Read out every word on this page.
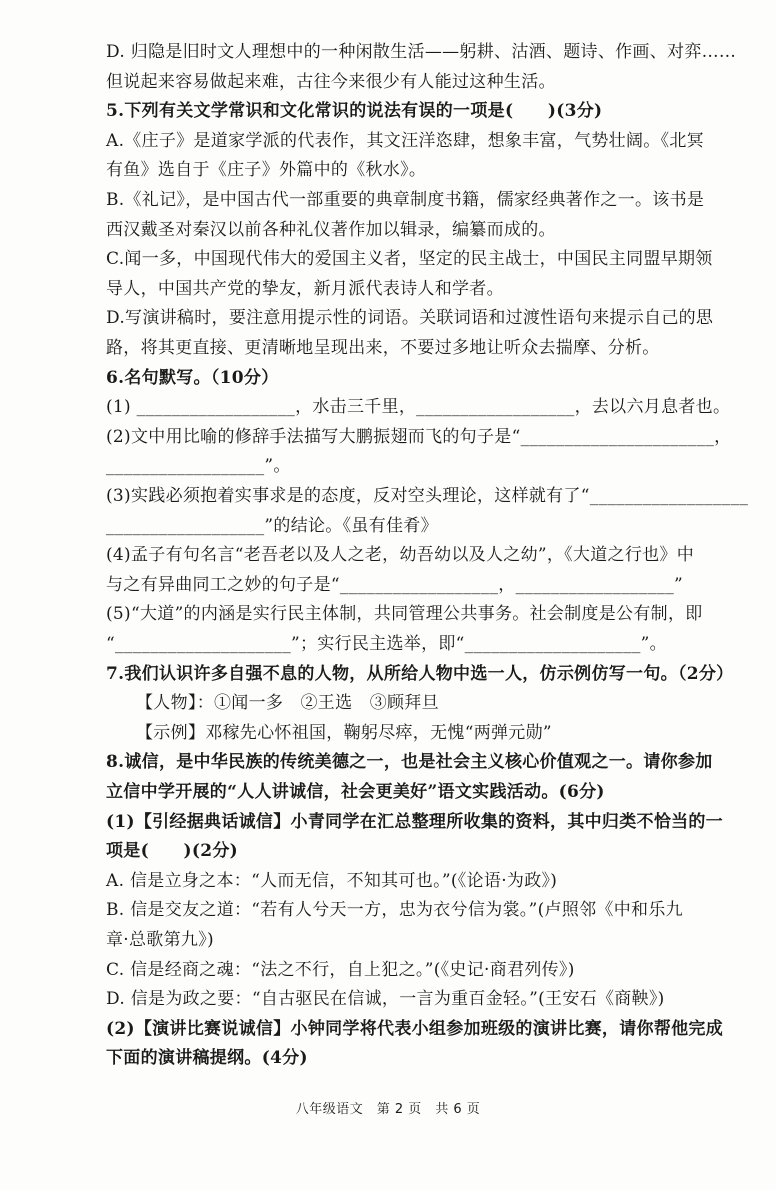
D. 归隐是旧时文人理想中的一种闲散生活——躬耕、沽酒、题诗、作画、对弈……
但说起来容易做起来难，古往今来很少有人能过这种生活。
5.下列有关文学常识和文化常识的说法有误的一项是(　　)(3分)
A.《庄子》是道家学派的代表作，其文汪洋恣肆，想象丰富，气势壮阔。《北冥
有鱼》选自于《庄子》外篇中的《秋水》。
B.《礼记》，是中国古代一部重要的典章制度书籍，儒家经典著作之一。该书是
西汉戴圣对秦汉以前各种礼仪著作加以辑录，编纂而成的。
C.闻一多，中国现代伟大的爱国主义者，坚定的民主战士，中国民主同盟早期领
导人，中国共产党的挚友，新月派代表诗人和学者。
D.写演讲稿时，要注意用提示性的词语。关联词语和过渡性语句来提示自己的思
路，将其更直接、更清晰地呈现出来，不要过多地让听众去揣摩、分析。
6.名句默写。（10分）
(1) __________________，水击三千里，__________________，去以六月息者也。
(2)文中用比喻的修辞手法描写大鹏振翅而飞的句子是“______________________，
__________________”。
(3)实践必须抱着实事求是的态度，反对空头理论，这样就有了“__________________
__________________”的结论。《虽有佳肴》
(4)孟子有句名言“老吾老以及人之老，幼吾幼以及人之幼”，《大道之行也》中
与之有异曲同工之妙的句子是“__________________，__________________”
(5)“大道”的内涵是实行民主体制，共同管理公共事务。社会制度是公有制，即
“____________________”；实行民主选举，即“____________________”。
7.我们认识许多自强不息的人物，从所给人物中选一人，仿示例仿写一句。（2分）
【人物】：①闻一多　②王选　③顾拜旦
【示例】邓稼先心怀祖国，鞠躬尽瘁，无愧“两弹元勋”
8.诚信，是中华民族的传统美德之一，也是社会主义核心价值观之一。请你参加
立信中学开展的“人人讲诚信，社会更美好”语文实践活动。(6分)
(1)【引经据典话诚信】小青同学在汇总整理所收集的资料，其中归类不恰当的一
项是(　　)(2分)
A. 信是立身之本：“人而无信，不知其可也。”(《论语·为政》)
B. 信是交友之道：“若有人兮天一方，忠为衣兮信为裳。”(卢照邻《中和乐九
章·总歌第九》)
C. 信是经商之魂：“法之不行，自上犯之。”(《史记·商君列传》)
D. 信是为政之要：“自古驱民在信诚，一言为重百金轻。”(王安石《商鞅》)
(2)【演讲比赛说诚信】小钟同学将代表小组参加班级的演讲比赛，请你帮他完成
下面的演讲稿提纲。(4分)
八年级语文　第 2 页　共 6 页
